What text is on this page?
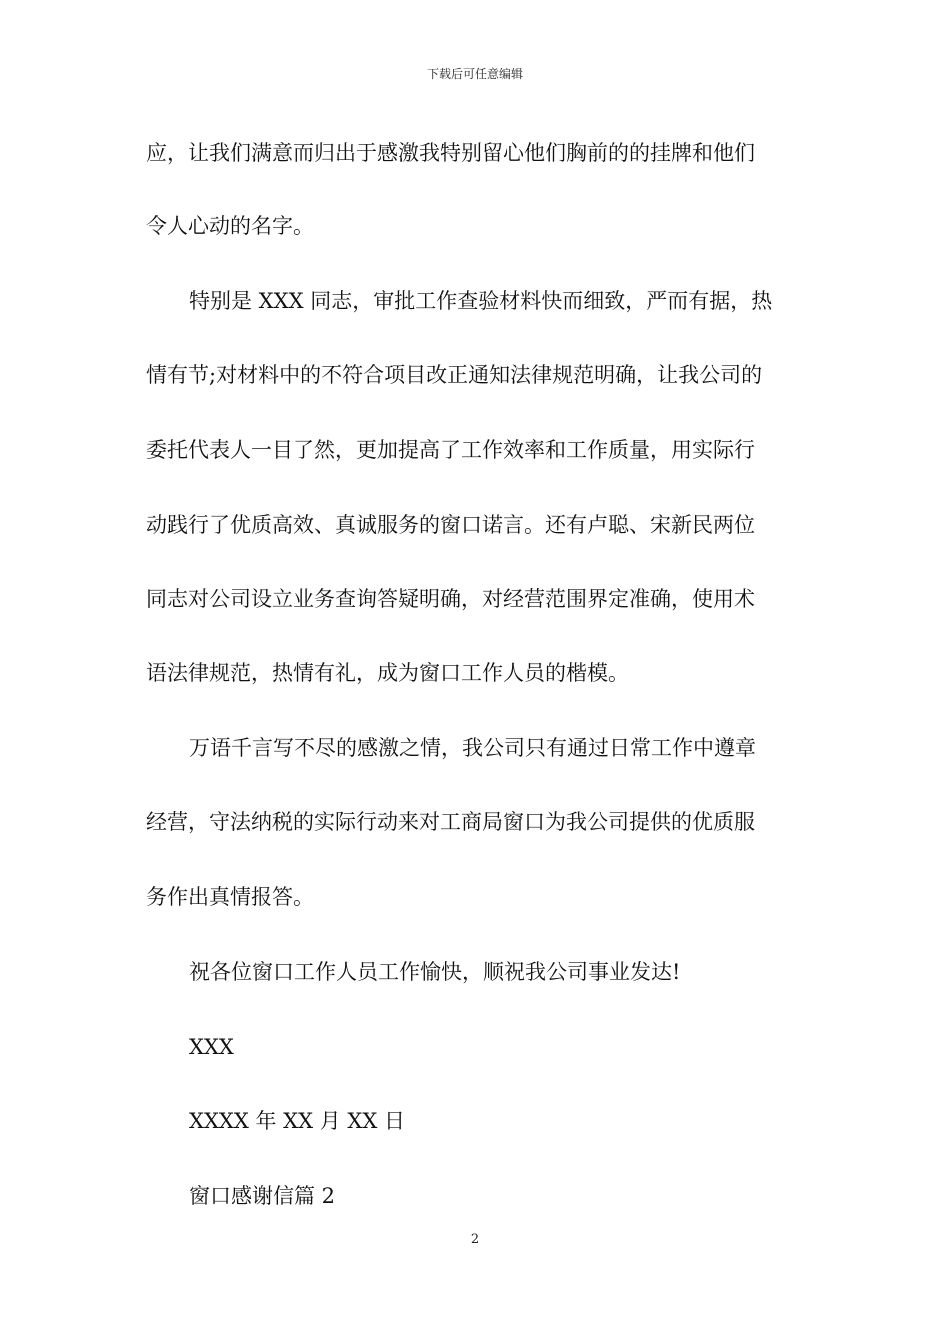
下载后可任意编辑
应，让我们满意而归出于感激我特别留心他们胸前的的挂牌和他们
令人心动的名字。
特别是 XXX 同志，审批工作查验材料快而细致，严而有据，热
情有节;对材料中的不符合项目改正通知法律规范明确，让我公司的
委托代表人一目了然，更加提高了工作效率和工作质量，用实际行
动践行了优质高效、真诚服务的窗口诺言。还有卢聪、宋新民两位
同志对公司设立业务查询答疑明确，对经营范围界定准确，使用术
语法律规范，热情有礼，成为窗口工作人员的楷模。
万语千言写不尽的感激之情，我公司只有通过日常工作中遵章
经营，守法纳税的实际行动来对工商局窗口为我公司提供的优质服
务作出真情报答。
祝各位窗口工作人员工作愉快，顺祝我公司事业发达!
XXX
XXXX 年 XX 月 XX 日
窗口感谢信篇 2
2
